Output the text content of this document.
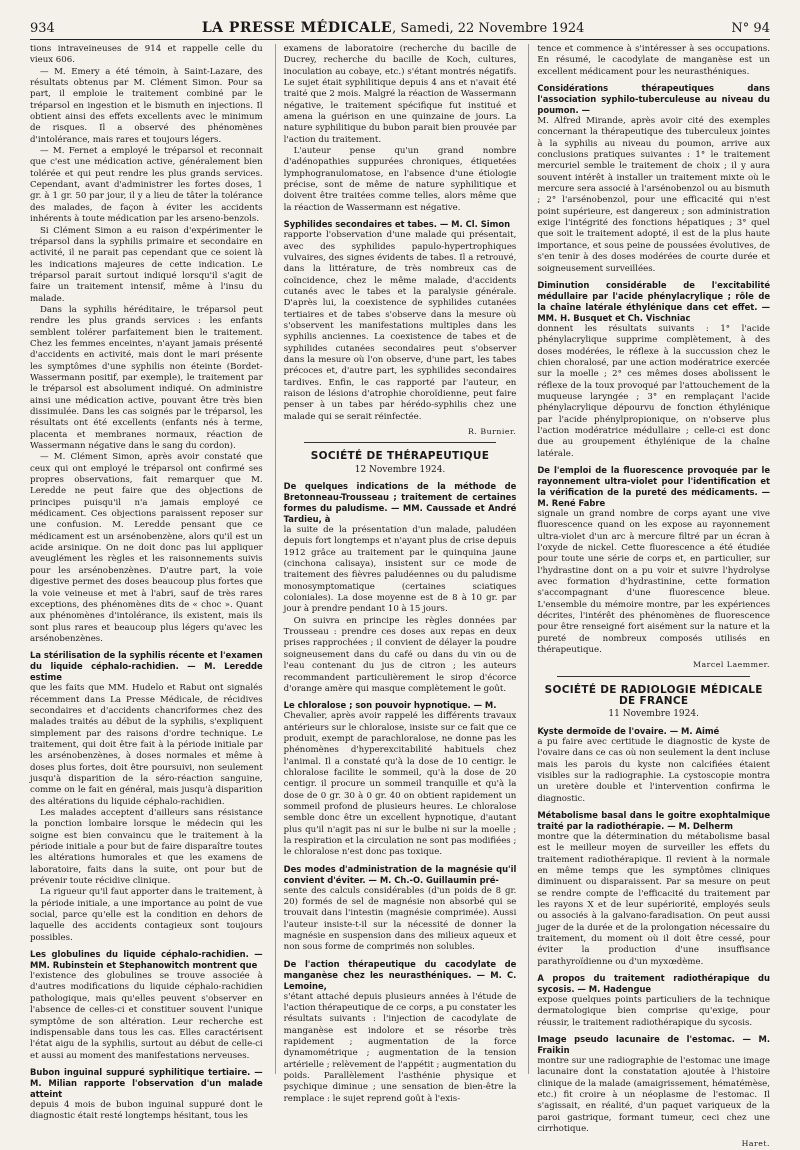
934	LA PRESSE MÉDICALE, Samedi, 22 Novembre 1924	N° 94

tions intraveineuses de 914 et rappelle celle du vieux 606.

— M. Emery a été témoin, à Saint-Lazare, des résultats obtenus par M. Clément Simon. Pour sa part, il emploie le traitement combiné par le tréparsol en ingestion et le bismuth en injections. Il obtient ainsi des effets excellents avec le minimum de risques. Il a observé des phénomènes d'intolérance, mais rares et toujours légers.

— M. Fernet a employé le tréparsol et reconnait que c'est une médication active, généralement bien tolérée et qui peut rendre les plus grands services. Cependant, avant d'administrer les fortes doses, 1 gr. à 1 gr. 50 par jour, il y a lieu de tâter la tolérance des malades, de façon à éviter les accidents inhérents à toute médication par les arseno-benzols.

Si Clément Simon a eu raison d'expérimenter le tréparsol dans la syphilis primaire et secondaire en activité, il ne parait pas cependant que ce soient là les indications majeures de cette indication. Le tréparsol parait surtout indiqué lorsqu'il s'agit de faire un traitement intensif, même à l'insu du malade.

Dans la syphilis héréditaire, le tréparsol peut rendre les plus grands services : les enfants semblent tolérer parfaitement bien le traitement. Chez les femmes enceintes, n'ayant jamais présenté d'accidents en activité, mais dont le mari présente les symptômes d'une syphilis non éteinte (Bordet-Wassermann positif, par exemple), le traitement par le tréparsol est absolument indiqué. On administre ainsi une médication active, pouvant être très bien dissimulée. Dans les cas soignés par le tréparsol, les résultats ont été excellents (enfants nés à terme, placenta et membranes normaux, réaction de Wassermann négative dans le sang du cordon).

— M. Clément Simon, après avoir constaté que ceux qui ont employé le tréparsol ont confirmé ses propres observations, fait remarquer que M. Leredde ne peut faire que des objections de principes puisqu'il n'a jamais employé ce médicament. Ces objections paraissent reposer sur une confusion. M. Leredde pensant que ce médicament est un arsénobenzène, alors qu'il est un acide arsinique. On ne doit donc pas lui appliquer aveuglément les règles et les raisonnements suivis pour les arsénobenzènes. D'autre part, la voie digestive permet des doses beaucoup plus fortes que la voie veineuse et met à l'abri, sauf de très rares exceptions, des phénomènes dits de « choc ». Quant aux phénomènes d'intolérance, ils existent, mais ils sont plus rares et beaucoup plus légers qu'avec les arsénobenzènes.

La stérilisation de la syphilis récente et l'examen du liquide céphalo-rachidien. — M. Leredde estime

que les faits que MM. Hudelo et Rabut ont signalés récemment dans La Presse Médicale, de récidives secondaires et d'accidents chancriformes chez des malades traités au début de la syphilis, s'expliquent simplement par des raisons d'ordre technique. Le traitement, qui doit être fait à la période initiale par les arsénobenzènes, à doses normales et même à doses plus fortes, doit être poursuivi, non seulement jusqu'à disparition de la séro-réaction sanguine, comme on le fait en général, mais jusqu'à disparition des altérations du liquide céphalo-rachidien.

Les malades acceptent d'ailleurs sans résistance la ponction lombaire lorsque le médecin qui les soigne est bien convaincu que le traitement à la période initiale a pour but de faire disparaître toutes les altérations humorales et que les examens de laboratoire, faits dans la suite, ont pour but de prévenir toute récidive clinique.

La rigueur qu'il faut apporter dans le traitement, à la période initiale, a une importance au point de vue social, parce qu'elle est la condition en dehors de laquelle des accidents contagieux sont toujours possibles.

Les globulines du liquide céphalo-rachidien. — MM. Rubinstein et Stephanowitch montrent que

l'existence des globulines se trouve associée à d'autres modifications du liquide céphalo-rachidien pathologique, mais qu'elles peuvent s'observer en l'absence de celles-ci et constituer souvent l'unique symptôme de son altération. Leur recherche est indispensable dans tous les cas. Elles caractérisent l'état aigu de la syphilis, surtout au début de celle-ci et aussi au moment des manifestations nerveuses.

Bubon inguinal suppuré syphilitique tertiaire. — M. Milian rapporte l'observation d'un malade atteint

depuis 4 mois de bubon inguinal suppuré dont le diagnostic était resté longtemps hésitant, tous les

examens de laboratoire (recherche du bacille de Ducrey, recherche du bacille de Koch, cultures, inoculation au cobaye, etc.) s'étant montrés négatifs. Le sujet était syphilitique depuis 4 ans et n'avait été traité que 2 mois. Malgré la réaction de Wassermann négative, le traitement spécifique fut institué et amena la guérison en une quinzaine de jours. La nature syphilitique du bubon parait bien prouvée par l'action du traitement.

L'auteur pense qu'un grand nombre d'adénopathies suppurées chroniques, étiquetées lymphogranulomatose, en l'absence d'une étiologie précise, sont de même de nature syphilitique et doivent être traitées comme telles, alors même que la réaction de Wassermann est négative.

Syphilides secondaires et tabes. — M. Cl. Simon

rapporte l'observation d'une malade qui présentait, avec des syphilides papulo-hypertrophiques vulvaires, des signes évidents de tabes. Il a retrouvé, dans la littérature, de très nombreux cas de coïncidence, chez le même malade, d'accidents cutanés avec le tabes et la paralysie générale. D'après lui, la coexistence de syphilides cutanées tertiaires et de tabes s'observe dans la mesure où s'observent les manifestations multiples dans les syphilis anciennes. La coexistence de tabes et de syphilides cutanées secondaires peut s'observer dans la mesure où l'on observe, d'une part, les tabes précoces et, d'autre part, les syphilides secondaires tardives. Enfin, le cas rapporté par l'auteur, en raison de lésions d'atrophie choroïdienne, peut faire penser à un tabes par hérédo-syphilis chez une malade qui se serait réinfectée.

R. Burnier.
SOCIÉTÉ DE THÉRAPEUTIQUE
12 Novembre 1924.
De quelques indications de la méthode de Bretonneau-Trousseau ; traitement de certaines formes du paludisme. — MM. Caussade et André Tardieu, à

la suite de la présentation d'un malade, paludéen depuis fort longtemps et n'ayant plus de crise depuis 1912 grâce au traitement par le quinquina jaune (cinchona calisaya), insistent sur ce mode de traitement des fièvres paludéennes ou du paludisme monosymptomatique (certaines sciatiques coloniales). La dose moyenne est de 8 à 10 gr. par jour à prendre pendant 10 à 15 jours.

On suivra en principe les règles données par Trousseau : prendre ces doses aux repas en deux prises rapprochées ; il convient de délayer la poudre soigneusement dans du café ou dans du vin ou de l'eau contenant du jus de citron ; les auteurs recommandent particulièrement le sirop d'écorce d'orange amère qui masque complètement le goût.

Le chloralose ; son pouvoir hypnotique. — M.

Chevalier, après avoir rappelé les différents travaux antérieurs sur le chloralose, insiste sur ce fait que ce produit, exempt de parachloralose, ne donne pas les phénomènes d'hyperexcitabilité habituels chez l'animal. Il a constaté qu'à la dose de 10 centigr. le chloralose facilite le sommeil, qu'à la dose de 20 centigr. il procure un sommeil tranquille et qu'à la dose de 0 gr. 30 à 0 gr. 40 on obtient rapidement un sommeil profond de plusieurs heures. Le chloralose semble donc être un excellent hypnotique, d'autant plus qu'il n'agit pas ni sur le bulbe ni sur la moelle ; la respiration et la circulation ne sont pas modifiées ; le chloralose n'est donc pas toxique.

Des modes d'administration de la magnésie qu'il convient d'éviter. — M. Ch.-O. Guillaumin pré-

sente des calculs considérables (d'un poids de 8 gr. 20) formés de sel de magnésie non absorbé qui se trouvait dans l'intestin (magnésie comprimée). Aussi l'auteur insiste-t-il sur la nécessité de donner la magnésie en suspension dans des milieux aqueux et non sous forme de comprimés non solubles.

De l'action thérapeutique du cacodylate de manganèse chez les neurasthéniques. — M. C. Lemoine,

s'étant attaché depuis plusieurs années à l'étude de l'action thérapeutique de ce corps, a pu constater les résultats suivants : l'injection de cacodylate de manganèse est indolore et se résorbe très rapidement ; augmentation de la force dynamométrique ; augmentation de la tension artérielle ; relèvement de l'appétit ; augmentation du poids. Parallèlement l'asthénie physique et psychique diminue ; une sensation de bien-être la remplace : le sujet reprend goût à l'exis-

tence et commence à s'intéresser à ses occupations. En résumé, le cacodylate de manganèse est un excellent médicament pour les neurasthéniques.

Considérations thérapeutiques dans l'association syphilo-tuberculeuse au niveau du poumon. —

M. Alfred Mirande, après avoir cité des exemples concernant la thérapeutique des tuberculeux jointes à la syphilis au niveau du poumon, arrive aux conclusions pratiques suivantes : 1° le traitement mercuriel semble le traitement de choix ; il y aura souvent intérêt à installer un traitement mixte où le mercure sera associé à l'arsénobenzol ou au bismuth ; 2° l'arsénobenzol, pour une efficacité qui n'est point supérieure, est dangereux ; son administration exige l'intégrité des fonctions hépatiques ; 3° quel que soit le traitement adopté, il est de la plus haute importance, et sous peine de poussées évolutives, de s'en tenir à des doses modérées de courte durée et soigneusement surveillées.

Diminution considérable de l'excitabilité médullaire par l'acide phénylacrylique ; rôle de la chaîne latérale éthylénique dans cet effet. — MM. H. Busquet et Ch. Vischniac

donnent les résultats suivants : 1° l'acide phénylacrylique supprime complètement, à des doses modérées, le réflexe à la succussion chez le chien choralosé, par une action modératrice exercée sur la moelle ; 2° ces mêmes doses abolissent le réflexe de la toux provoqué par l'attouchement de la muqueuse laryngée ; 3° en remplaçant l'acide phénylacrylique dépourvu de fonction éthylénique par l'acide phénylpropionique, on n'observe plus l'action modératrice médullaire ; celle-ci est donc due au groupement éthylénique de la chaîne latérale.

De l'emploi de la fluorescence provoquée par le rayonnement ultra-violet pour l'identification et la vérification de la pureté des médicaments. — M. René Fabre

signale un grand nombre de corps ayant une vive fluorescence quand on les expose au rayonnement ultra-violet d'un arc à mercure filtré par un écran à l'oxyde de nickel. Cette fluorescence a été étudiée pour toute une série de corps et, en particulier, sur l'hydrastine dont on a pu voir et suivre l'hydrolyse avec formation d'hydrastinine, cette formation s'accompagnant d'une fluorescence bleue. L'ensemble du mémoire montre, par les expériences décrites, l'intérêt des phénomènes de fluorescence pour être renseigné fort aisément sur la nature et la pureté de nombreux composés utilisés en thérapeutique.

Marcel Laemmer.
SOCIÉTÉ DE RADIOLOGIE MÉDICALE DE FRANCE
11 Novembre 1924.
Kyste dermoïde de l'ovaire. — M. Aimé

a pu faire avec certitude le diagnostic de kyste de l'ovaire dans ce cas où non seulement la dent incluse mais les parois du kyste non calcifiées étaient visibles sur la radiographie. La cystoscopie montra un uretère double et l'intervention confirma le diagnostic.

Métabolisme basal dans le goitre exophtalmique traité par la radiothérapie. — M. Delherm

montre que la détermination du métabolisme basal est le meilleur moyen de surveiller les effets du traitement radiothérapique. Il revient à la normale en même temps que les symptômes cliniques diminuent ou disparaissent. Par sa mesure on peut se rendre compte de l'efficacité du traitement par les rayons X et de leur supériorité, employés seuls ou associés à la galvano-faradisation. On peut aussi juger de la durée et de la prolongation nécessaire du traitement, du moment où il doit être cessé, pour éviter la production d'une insuffisance parathyroïdienne ou d'un myxœdème.

A propos du traitement radiothérapique du sycosis. — M. Hadengue

expose quelques points particuliers de la technique dermatologique bien comprise qu'exige, pour réussir, le traitement radiothérapique du sycosis.

Image pseudo lacunaire de l'estomac. — M. Fraikin

montre sur une radiographie de l'estomac une image lacunaire dont la constatation ajoutée à l'histoire clinique de la malade (amaigrissement, hématémèse, etc.) fit croire à un néoplasme de l'estomac. Il s'agissait, en réalité, d'un paquet variqueux de la paroi gastrique, formant tumeur, ceci chez une cirrhotique.

Haret.
